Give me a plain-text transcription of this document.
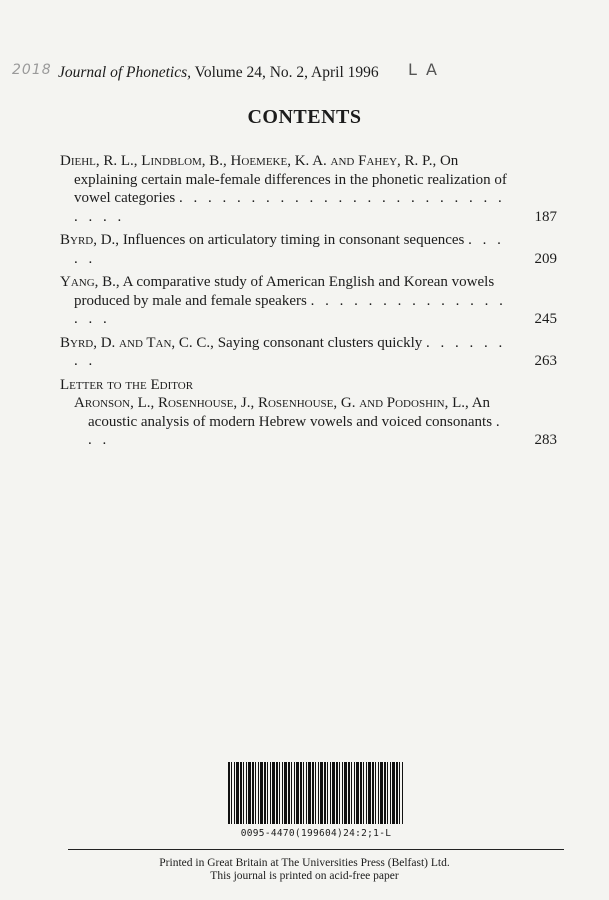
2018 Journal of Phonetics, Volume 24, No. 2, April 1996 L A
CONTENTS
Diehl, R. L., Lindblom, B., Hoemeke, K. A. and Fahey, R. P., On explaining certain male-female differences in the phonetic realization of vowel categories . . . . . . . . . . . . . . . . . . . . . . . . . . .	187
Byrd, D., Influences on articulatory timing in consonant sequences . . . . .	209
Yang, B., A comparative study of American English and Korean vowels produced by male and female speakers . . . . . . . . . . . . . . . . .	245
Byrd, D. and Tan, C. C., Saying consonant clusters quickly . . . . . . . .	263
Letter to the Editor
Aronson, L., Rosenhouse, J., Rosenhouse, G. and Podoshin, L., An acoustic analysis of modern Hebrew vowels and voiced consonants . . .	283
0095-4470(199604)24:2;1-L
Printed in Great Britain at The Universities Press (Belfast) Ltd.
This journal is printed on acid-free paper
